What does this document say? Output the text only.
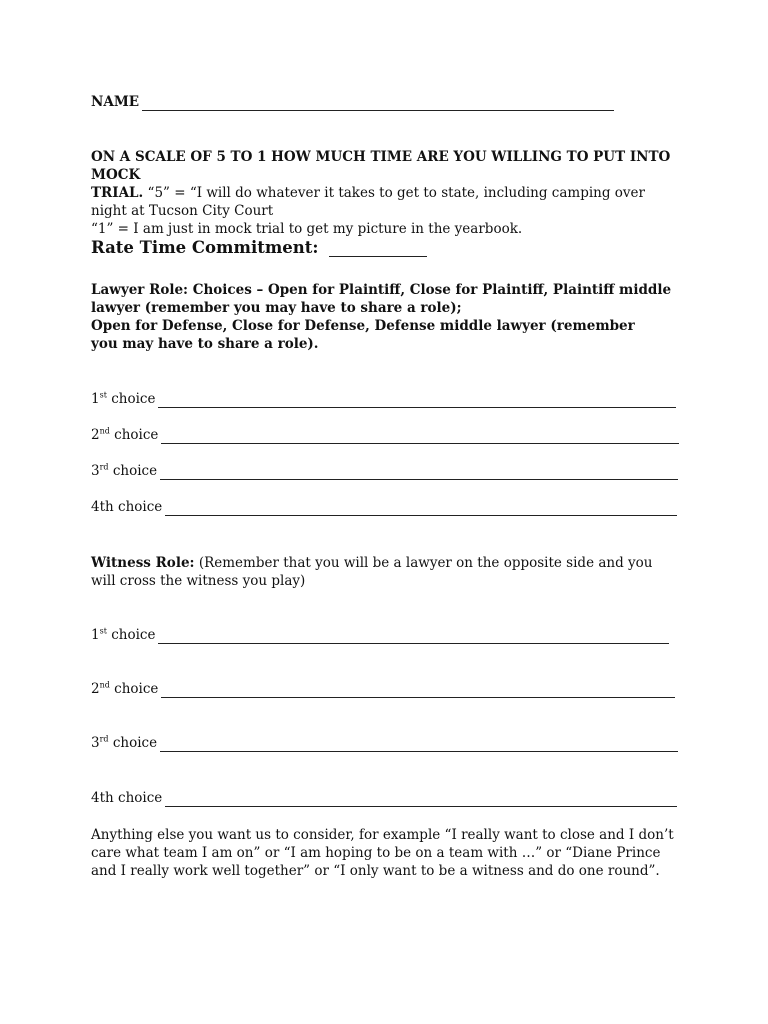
NAME

ON A SCALE OF 5 TO 1 HOW MUCH TIME ARE YOU WILLING TO PUT INTO MOCK

TRIAL. “5” = “I will do whatever it takes to get to state, including camping over night at Tucson City Court

“1” = I am just in mock trial to get my picture in the yearbook.

Rate Time Commitment:

Lawyer Role: Choices – Open for Plaintiff, Close for Plaintiff, Plaintiff middle lawyer (remember you may have to share a role);

Open for Defense, Close for Defense, Defense middle lawyer (remember you may have to share a role).

1st choice
2nd choice
3rd choice
4th choice

Witness Role: (Remember that you will be a lawyer on the opposite side and you will cross the witness you play)

1st choice
2nd choice
3rd choice
4th choice

Anything else you want us to consider, for example “I really want to close and I don’t care what team I am on” or “I am hoping to be on a team with …” or “Diane Prince and I really work well together” or “I only want to be a witness and do one round”.
